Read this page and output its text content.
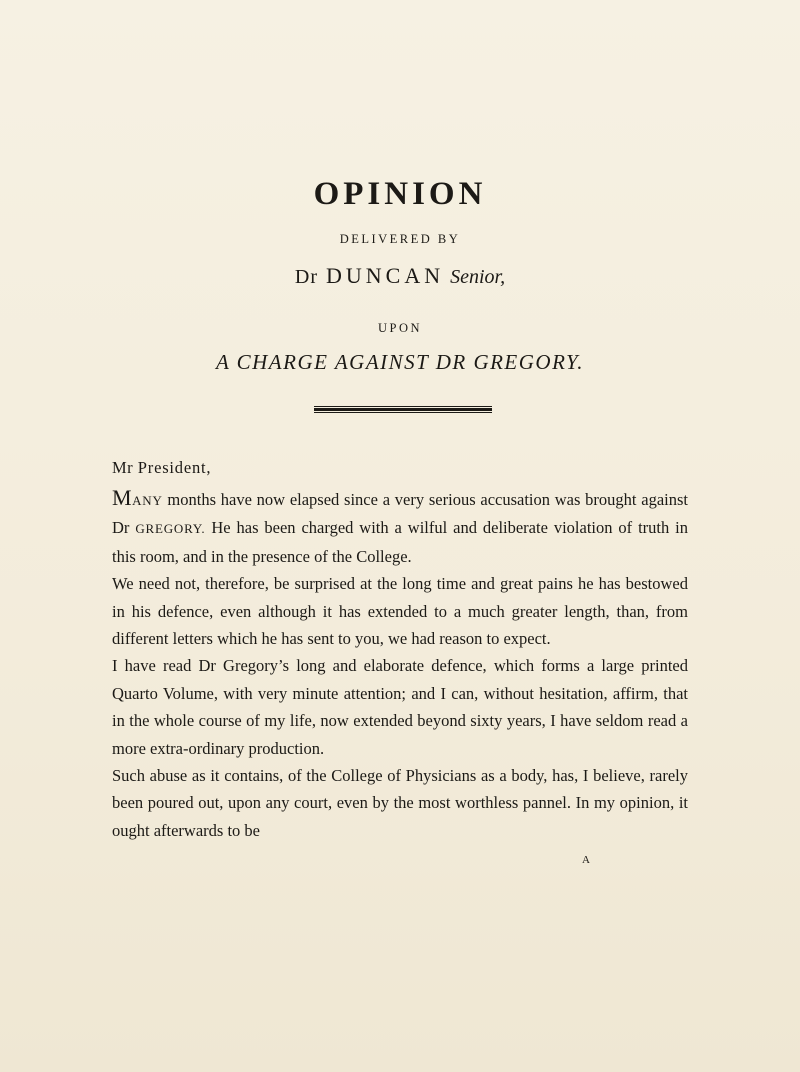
OPINION
DELIVERED BY
Dr DUNCAN Senior,
UPON
A CHARGE AGAINST DR GREGORY.
Mr President,

MANY months have now elapsed since a very serious accusation was brought against Dr GREGORY. He has been charged with a wilful and deliberate violation of truth in this room, and in the presence of the College.

We need not, therefore, be surprised at the long time and great pains he has bestowed in his defence, even although it has extended to a much greater length, than, from different letters which he has sent to you, we had reason to expect.

I have read Dr Gregory’s long and elaborate defence, which forms a large printed Quarto Volume, with very minute attention; and I can, without hesitation, affirm, that in the whole course of my life, now extended beyond sixty years, I have seldom read a more extra-ordinary production.

Such abuse as it contains, of the College of Physicians as a body, has, I believe, rarely been poured out, upon any court, even by the most worthless pannel. In my opinion, it ought afterwards to be

A
